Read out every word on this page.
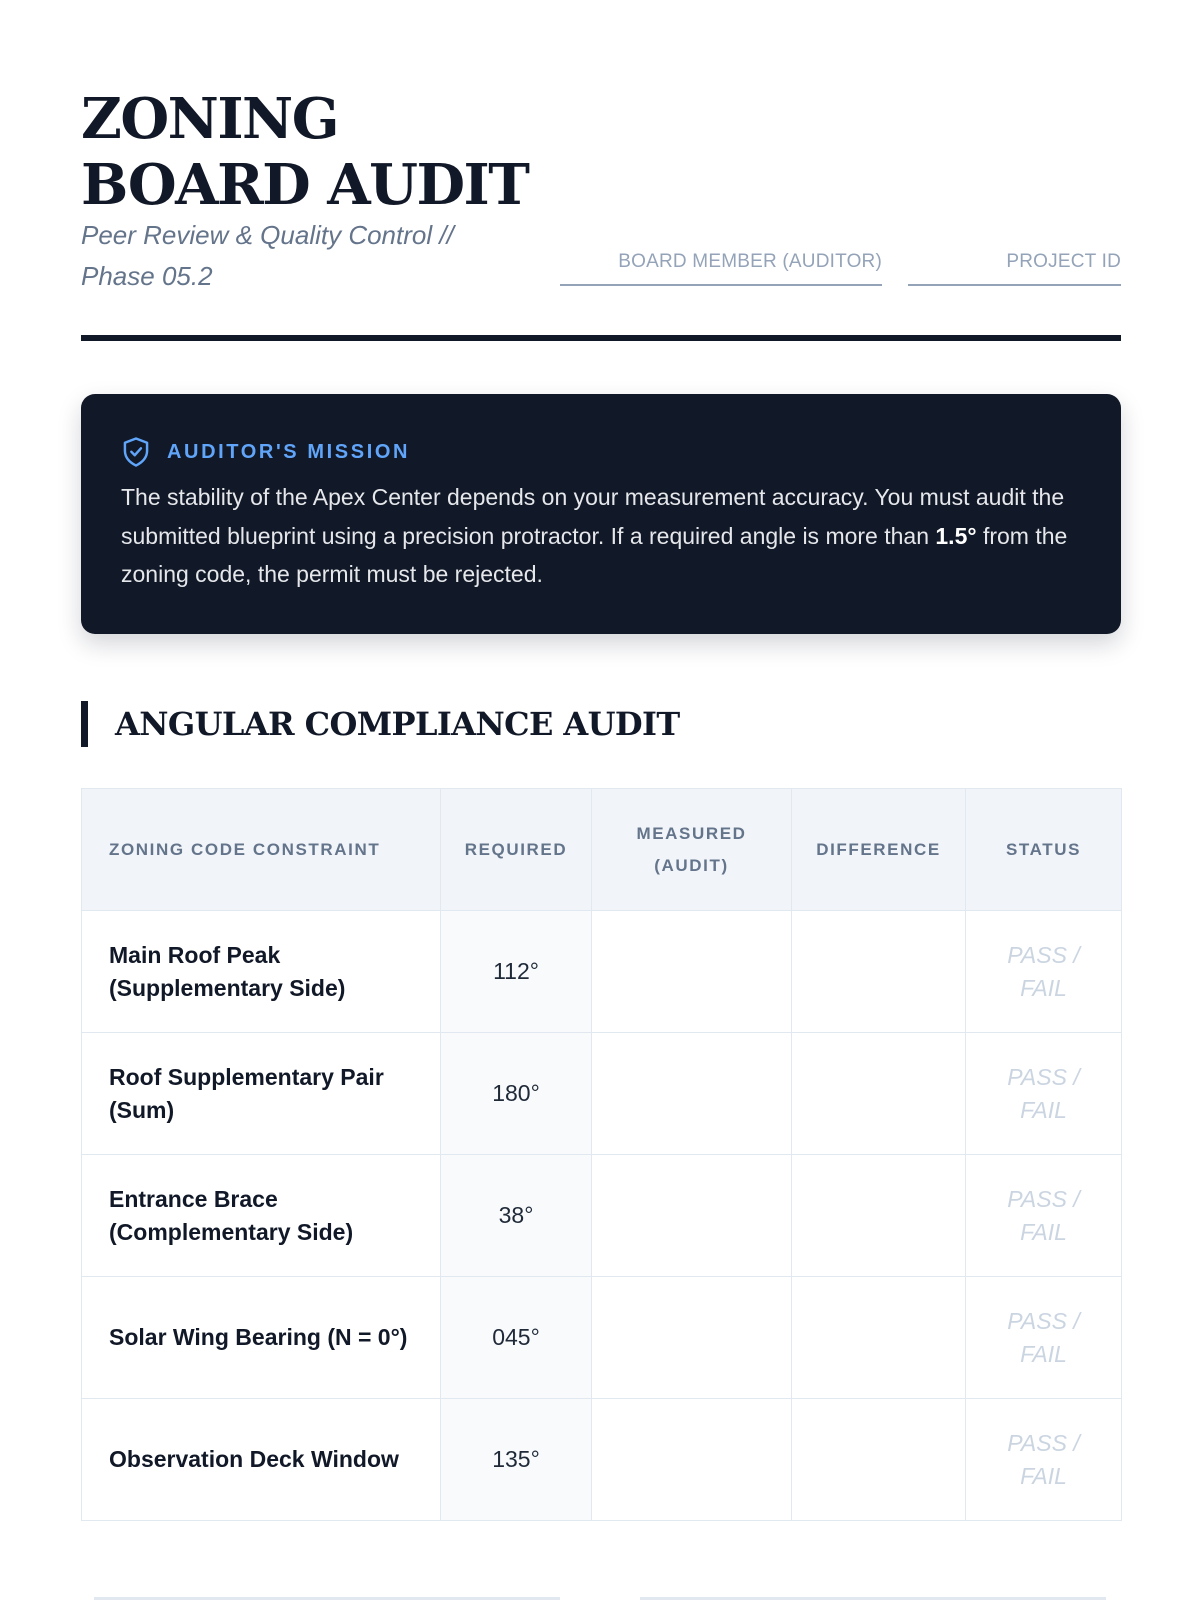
ZONING BOARD AUDIT
Peer Review & Quality Control // Phase 05.2	BOARD MEMBER (AUDITOR)	PROJECT ID
AUDITOR'S MISSION

The stability of the Apex Center depends on your measurement accuracy. You must audit the submitted blueprint using a precision protractor. If a required angle is more than 1.5° from the zoning code, the permit must be rejected.

ANGULAR COMPLIANCE AUDIT
ZONING CODE CONSTRAINT	REQUIRED	MEASURED (AUDIT)	DIFFERENCE	STATUS
Main Roof Peak (Supplementary Side)	112°			PASS / FAIL
Roof Supplementary Pair (Sum)	180°			PASS / FAIL
Entrance Brace (Complementary Side)	38°			PASS / FAIL
Solar Wing Bearing (N = 0°)	045°			PASS / FAIL
Observation Deck Window	135°			PASS / FAIL
